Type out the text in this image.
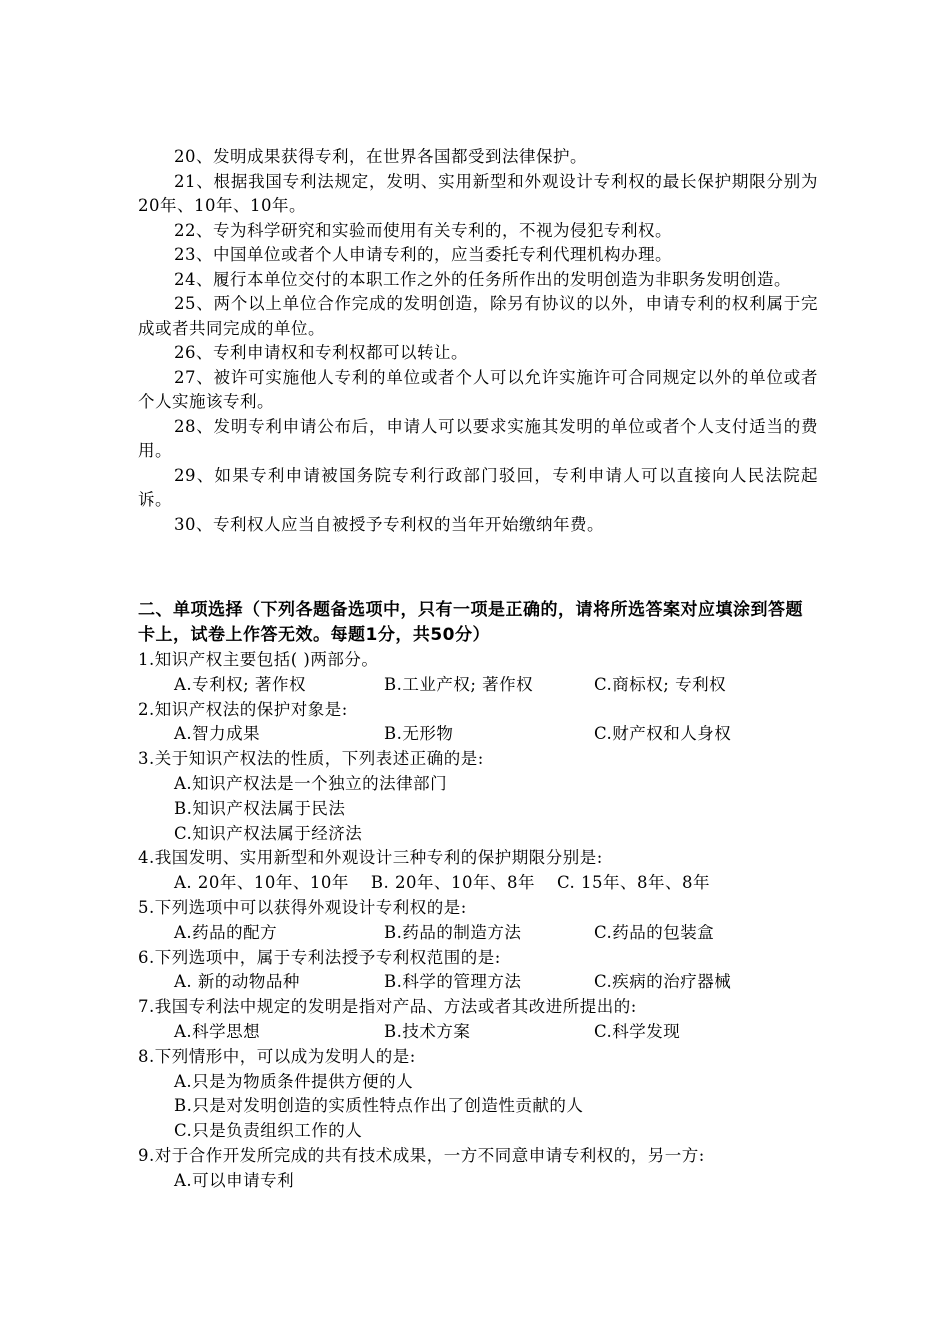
20、发明成果获得专利，在世界各国都受到法律保护。

21、根据我国专利法规定，发明、实用新型和外观设计专利权的最长保护期限分别为20年、10年、10年。

22、专为科学研究和实验而使用有关专利的，不视为侵犯专利权。

23、中国单位或者个人申请专利的，应当委托专利代理机构办理。

24、履行本单位交付的本职工作之外的任务所作出的发明创造为非职务发明创造。

25、两个以上单位合作完成的发明创造，除另有协议的以外，申请专利的权利属于完成或者共同完成的单位。

26、专利申请权和专利权都可以转让。

27、被许可实施他人专利的单位或者个人可以允许实施许可合同规定以外的单位或者个人实施该专利。

28、发明专利申请公布后，申请人可以要求实施其发明的单位或者个人支付适当的费用。

29、如果专利申请被国务院专利行政部门驳回，专利申请人可以直接向人民法院起诉。

30、专利权人应当自被授予专利权的当年开始缴纳年费。

二、单项选择（下列各题备选项中，只有一项是正确的，请将所选答案对应填涂到答题卡上，试卷上作答无效。每题1分，共50分）

1.知识产权主要包括( )两部分。

A.专利权; 著作权	B.工业产权; 著作权	C.商标权; 专利权

2.知识产权法的保护对象是:

A.智力成果	B.无形物	C.财产权和人身权

3.关于知识产权法的性质，下列表述正确的是:

A.知识产权法是一个独立的法律部门

B.知识产权法属于民法

C.知识产权法属于经济法

4.我国发明、实用新型和外观设计三种专利的保护期限分别是:

A. 20年、10年、10年 B. 20年、10年、8年 C. 15年、8年、8年

5.下列选项中可以获得外观设计专利权的是:

A.药品的配方	B.药品的制造方法	C.药品的包装盒

6.下列选项中，属于专利法授予专利权范围的是:

A. 新的动物品种	B.科学的管理方法	C.疾病的治疗器械

7.我国专利法中规定的发明是指对产品、方法或者其改进所提出的:

A.科学思想	B.技术方案	C.科学发现

8.下列情形中，可以成为发明人的是:

A.只是为物质条件提供方便的人

B.只是对发明创造的实质性特点作出了创造性贡献的人

C.只是负责组织工作的人

9.对于合作开发所完成的共有技术成果，一方不同意申请专利权的，另一方:

A.可以申请专利
